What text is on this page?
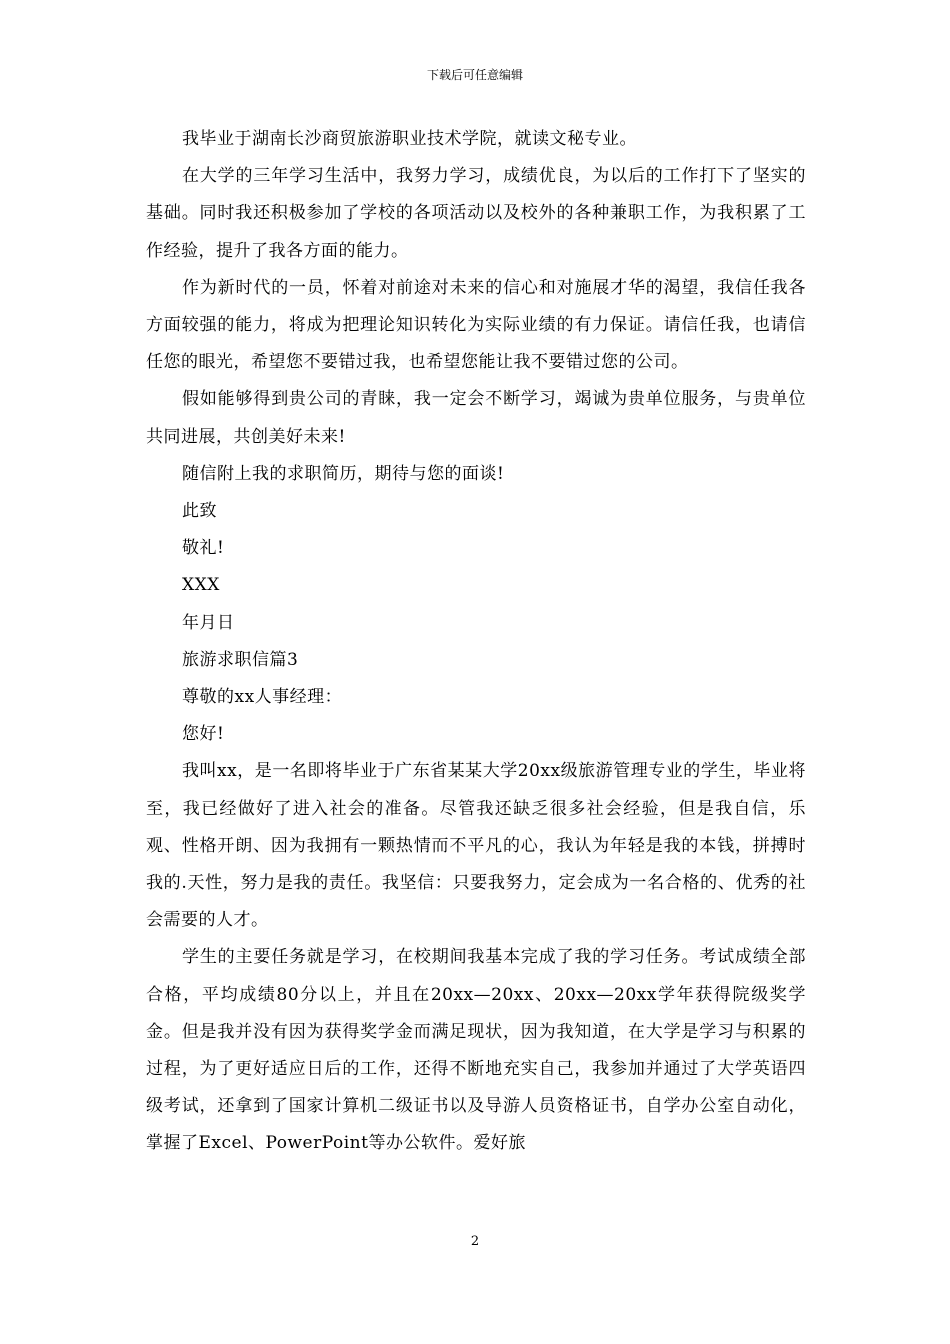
下载后可任意编辑

我毕业于湖南长沙商贸旅游职业技术学院，就读文秘专业。

在大学的三年学习生活中，我努力学习，成绩优良，为以后的工作打下了坚实的基础。同时我还积极参加了学校的各项活动以及校外的各种兼职工作，为我积累了工作经验，提升了我各方面的能力。

作为新时代的一员，怀着对前途对未来的信心和对施展才华的渴望，我信任我各方面较强的能力，将成为把理论知识转化为实际业绩的有力保证。请信任我，也请信任您的眼光，希望您不要错过我，也希望您能让我不要错过您的公司。

假如能够得到贵公司的青睐，我一定会不断学习，竭诚为贵单位服务，与贵单位共同进展，共创美好未来!

随信附上我的求职简历，期待与您的面谈!

此致

敬礼!

XXX

年月日

旅游求职信篇3

尊敬的xx人事经理：

您好!

我叫xx，是一名即将毕业于广东省某某大学20xx级旅游管理专业的学生，毕业将至，我已经做好了进入社会的准备。尽管我还缺乏很多社会经验，但是我自信，乐观、性格开朗、因为我拥有一颗热情而不平凡的心，我认为年轻是我的本钱，拼搏时我的.天性，努力是我的责任。我坚信：只要我努力，定会成为一名合格的、优秀的社会需要的人才。

学生的主要任务就是学习，在校期间我基本完成了我的学习任务。考试成绩全部合格，平均成绩80分以上，并且在20xx—20xx、20xx—20xx学年获得院级奖学金。但是我并没有因为获得奖学金而满足现状，因为我知道，在大学是学习与积累的过程，为了更好适应日后的工作，还得不断地充实自己，我参加并通过了大学英语四级考试，还拿到了国家计算机二级证书以及导游人员资格证书，自学办公室自动化，掌握了Excel、PowerPoint等办公软件。爱好旅

2
